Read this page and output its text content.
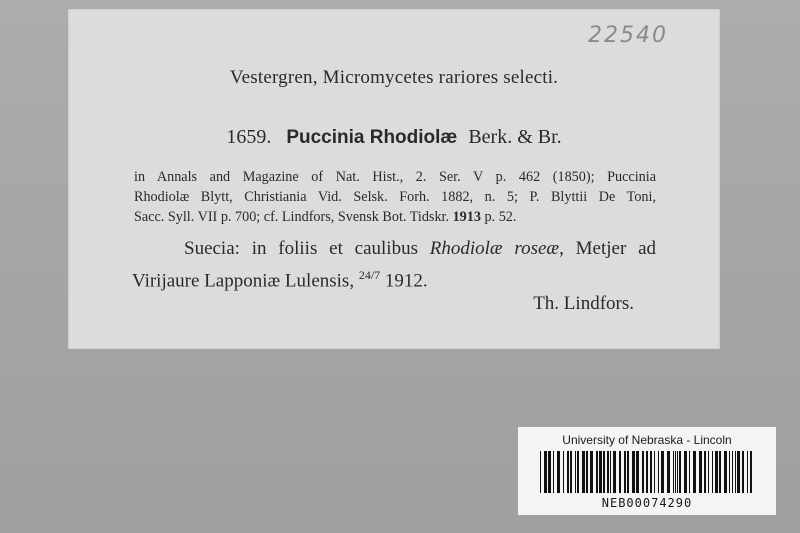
22540
Vestergren, Micromycetes rariores selecti.
1659. Puccinia Rhodiolæ Berk. & Br.
in Annals and Magazine of Nat. Hist., 2. Ser. V p. 462 (1850); Puccinia
Rhodiolæ Blytt, Christiania Vid. Selsk. Forh. 1882, n. 5; P. Blyttii De Toni,
Sacc. Syll. VII p. 700; cf. Lindfors, Svensk Bot. Tidskr. 1913 p. 52.
Suecia: in foliis et caulibus Rhodiolæ roseæ, Metjer ad
Virijaure Lapponiæ Lulensis, $^{24/7}$ 1912.
Th. Lindfors.
University of Nebraska - Lincoln
NEB00074290
